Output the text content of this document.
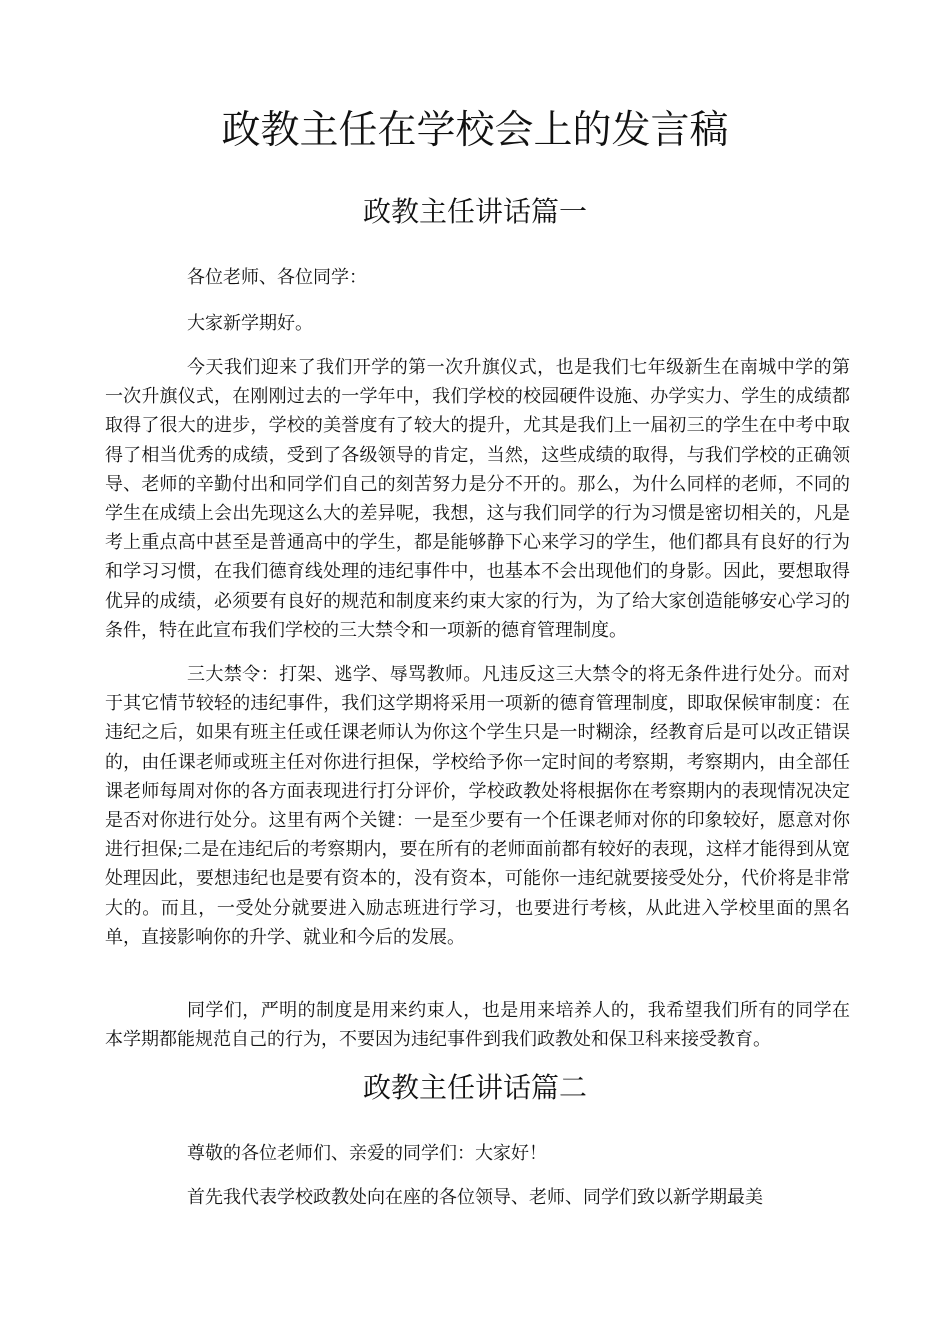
政教主任在学校会上的发言稿
政教主任讲话篇一

各位老师、各位同学：

大家新学期好。

今天我们迎来了我们开学的第一次升旗仪式，也是我们七年级新生在南城中学的第一次升旗仪式，在刚刚过去的一学年中，我们学校的校园硬件设施、办学实力、学生的成绩都取得了很大的进步，学校的美誉度有了较大的提升，尤其是我们上一届初三的学生在中考中取得了相当优秀的成绩，受到了各级领导的肯定，当然，这些成绩的取得，与我们学校的正确领导、老师的辛勤付出和同学们自己的刻苦努力是分不开的。那么，为什么同样的老师，不同的学生在成绩上会出先现这么大的差异呢，我想，这与我们同学的行为习惯是密切相关的，凡是考上重点高中甚至是普通高中的学生，都是能够静下心来学习的学生，他们都具有良好的行为和学习习惯，在我们德育线处理的违纪事件中，也基本不会出现他们的身影。因此，要想取得优异的成绩，必须要有良好的规范和制度来约束大家的行为，为了给大家创造能够安心学习的条件，特在此宣布我们学校的三大禁令和一项新的德育管理制度。

三大禁令：打架、逃学、辱骂教师。凡违反这三大禁令的将无条件进行处分。而对于其它情节较轻的违纪事件，我们这学期将采用一项新的德育管理制度，即取保候审制度：在违纪之后，如果有班主任或任课老师认为你这个学生只是一时糊涂，经教育后是可以改正错误的，由任课老师或班主任对你进行担保，学校给予你一定时间的考察期，考察期内，由全部任课老师每周对你的各方面表现进行打分评价，学校政教处将根据你在考察期内的表现情况决定是否对你进行处分。这里有两个关键：一是至少要有一个任课老师对你的印象较好，愿意对你进行担保;二是在违纪后的考察期内，要在所有的老师面前都有较好的表现，这样才能得到从宽处理因此，要想违纪也是要有资本的，没有资本，可能你一违纪就要接受处分，代价将是非常大的。而且，一受处分就要进入励志班进行学习，也要进行考核，从此进入学校里面的黑名单，直接影响你的升学、就业和今后的发展。

同学们，严明的制度是用来约束人，也是用来培养人的，我希望我们所有的同学在本学期都能规范自己的行为，不要因为违纪事件到我们政教处和保卫科来接受教育。

政教主任讲话篇二

尊敬的各位老师们、亲爱的同学们：大家好！

首先我代表学校政教处向在座的各位领导、老师、同学们致以新学期最美
